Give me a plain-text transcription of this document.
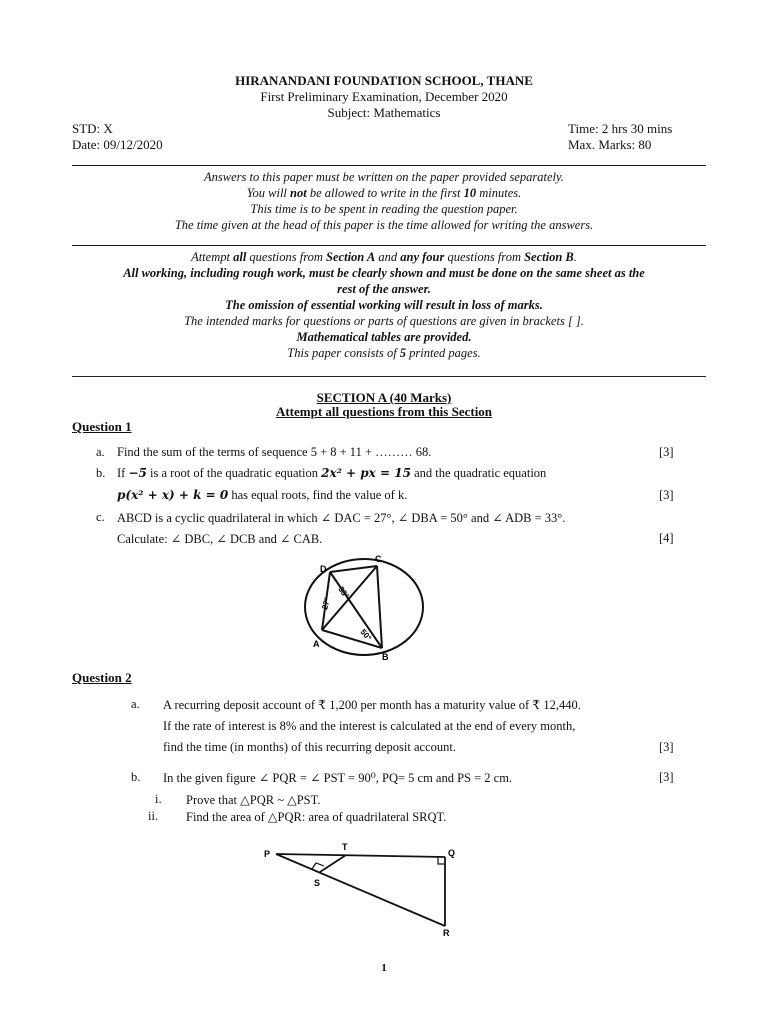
HIRANANDANI FOUNDATION SCHOOL, THANE
First Preliminary Examination, December 2020
Subject: Mathematics
STD: X	Time: 2 hrs 30 mins
Date: 09/12/2020	Max. Marks: 80
Answers to this paper must be written on the paper provided separately.
You will not be allowed to write in the first 10 minutes.
This time is to be spent in reading the question paper.
The time given at the head of this paper is the time allowed for writing the answers.
Attempt all questions from Section A and any four questions from Section B.
All working, including rough work, must be clearly shown and must be done on the same sheet as the
rest of the answer.
The omission of essential working will result in loss of marks.
The intended marks for questions or parts of questions are given in brackets [ ].
Mathematical tables are provided.
This paper consists of 5 printed pages.
SECTION A (40 Marks)
Attempt all questions from this Section
Question 1
a. Find the sum of the terms of sequence 5 + 8 + 11 + ……… 68.	[3]
b. If −5 is a root of the quadratic equation 2x² + px = 15 and the quadratic equation
p(x² + x) + k = 0 has equal roots, find the value of k.	[3]
c. ABCD is a cyclic quadrilateral in which ∠ DAC = 27°, ∠ DBA = 50° and ∠ ADB = 33°.
Calculate: ∠ DBC, ∠ DCB and ∠ CAB.	[4]
D
C
A
B
33°
27°
50°
Question 2
a. A recurring deposit account of ₹ 1,200 per month has a maturity value of ₹ 12,440.
If the rate of interest is 8% and the interest is calculated at the end of every month,
find the time (in months) of this recurring deposit account.	[3]
b. In the given figure ∠ PQR = ∠ PST = 90⁰, PQ= 5 cm and PS = 2 cm.	[3]
i. Prove that △PQR ~ △PST.
ii. Find the area of △PQR: area of quadrilateral SRQT.
P
T
Q
S
R
1
